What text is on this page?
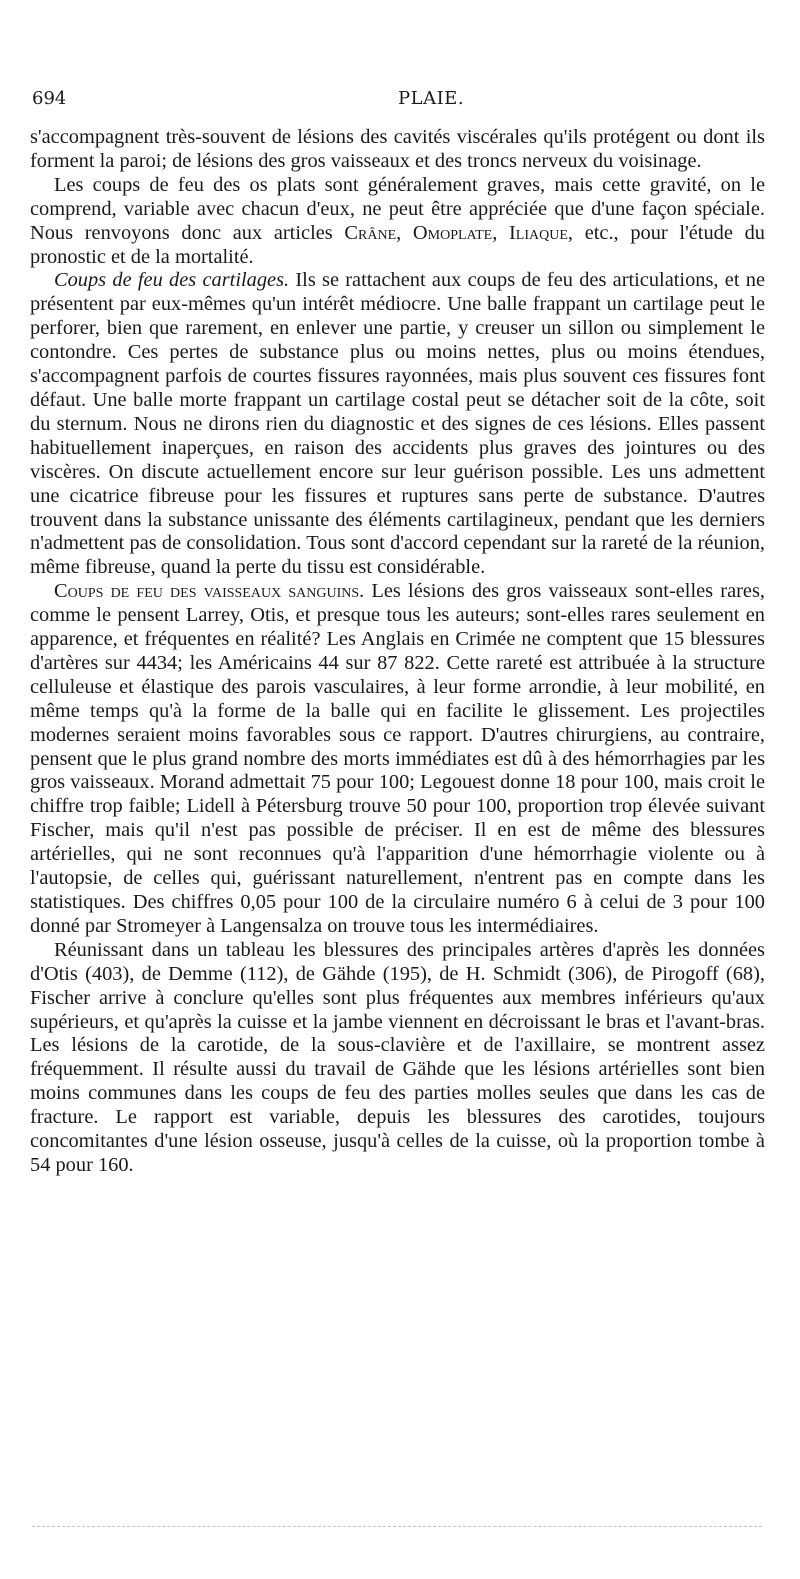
694	PLAIE.

s'accompagnent très-souvent de lésions des cavités viscérales qu'ils protégent ou dont ils forment la paroi; de lésions des gros vaisseaux et des troncs nerveux du voisinage.

Les coups de feu des os plats sont généralement graves, mais cette gravité, on le comprend, variable avec chacun d'eux, ne peut être appréciée que d'une façon spéciale. Nous renvoyons donc aux articles Crâne, Omoplate, Iliaque, etc., pour l'étude du pronostic et de la mortalité.

Coups de feu des cartilages. Ils se rattachent aux coups de feu des articulations, et ne présentent par eux-mêmes qu'un intérêt médiocre. Une balle frappant un cartilage peut le perforer, bien que rarement, en enlever une partie, y creuser un sillon ou simplement le contondre. Ces pertes de substance plus ou moins nettes, plus ou moins étendues, s'accompagnent parfois de courtes fissures rayonnées, mais plus souvent ces fissures font défaut. Une balle morte frappant un cartilage costal peut se détacher soit de la côte, soit du sternum. Nous ne dirons rien du diagnostic et des signes de ces lésions. Elles passent habituellement inaperçues, en raison des accidents plus graves des jointures ou des viscères. On discute actuellement encore sur leur guérison possible. Les uns admettent une cicatrice fibreuse pour les fissures et ruptures sans perte de substance. D'autres trouvent dans la substance unissante des éléments cartilagineux, pendant que les derniers n'admettent pas de consolidation. Tous sont d'accord cependant sur la rareté de la réunion, même fibreuse, quand la perte du tissu est considérable.

Coups de feu des vaisseaux sanguins. Les lésions des gros vaisseaux sont-elles rares, comme le pensent Larrey, Otis, et presque tous les auteurs; sont-elles rares seulement en apparence, et fréquentes en réalité? Les Anglais en Crimée ne comptent que 15 blessures d'artères sur 4434; les Américains 44 sur 87 822. Cette rareté est attribuée à la structure celluleuse et élastique des parois vasculaires, à leur forme arrondie, à leur mobilité, en même temps qu'à la forme de la balle qui en facilite le glissement. Les projectiles modernes seraient moins favorables sous ce rapport. D'autres chirurgiens, au contraire, pensent que le plus grand nombre des morts immédiates est dû à des hémorrhagies par les gros vaisseaux. Morand admettait 75 pour 100; Legouest donne 18 pour 100, mais croit le chiffre trop faible; Lidell à Pétersburg trouve 50 pour 100, proportion trop élevée suivant Fischer, mais qu'il n'est pas possible de préciser. Il en est de même des blessures artérielles, qui ne sont reconnues qu'à l'apparition d'une hémorrhagie violente ou à l'autopsie, de celles qui, guérissant naturellement, n'entrent pas en compte dans les statistiques. Des chiffres 0,05 pour 100 de la circulaire numéro 6 à celui de 3 pour 100 donné par Stromeyer à Langensalza on trouve tous les intermédiaires.

Réunissant dans un tableau les blessures des principales artères d'après les données d'Otis (403), de Demme (112), de Gähde (195), de H. Schmidt (306), de Pirogoff (68), Fischer arrive à conclure qu'elles sont plus fréquentes aux membres inférieurs qu'aux supérieurs, et qu'après la cuisse et la jambe viennent en décroissant le bras et l'avant-bras. Les lésions de la carotide, de la sous-clavière et de l'axillaire, se montrent assez fréquemment. Il résulte aussi du travail de Gähde que les lésions artérielles sont bien moins communes dans les coups de feu des parties molles seules que dans les cas de fracture. Le rapport est variable, depuis les blessures des carotides, toujours concomitantes d'une lésion osseuse, jusqu'à celles de la cuisse, où la proportion tombe à 54 pour 160.
